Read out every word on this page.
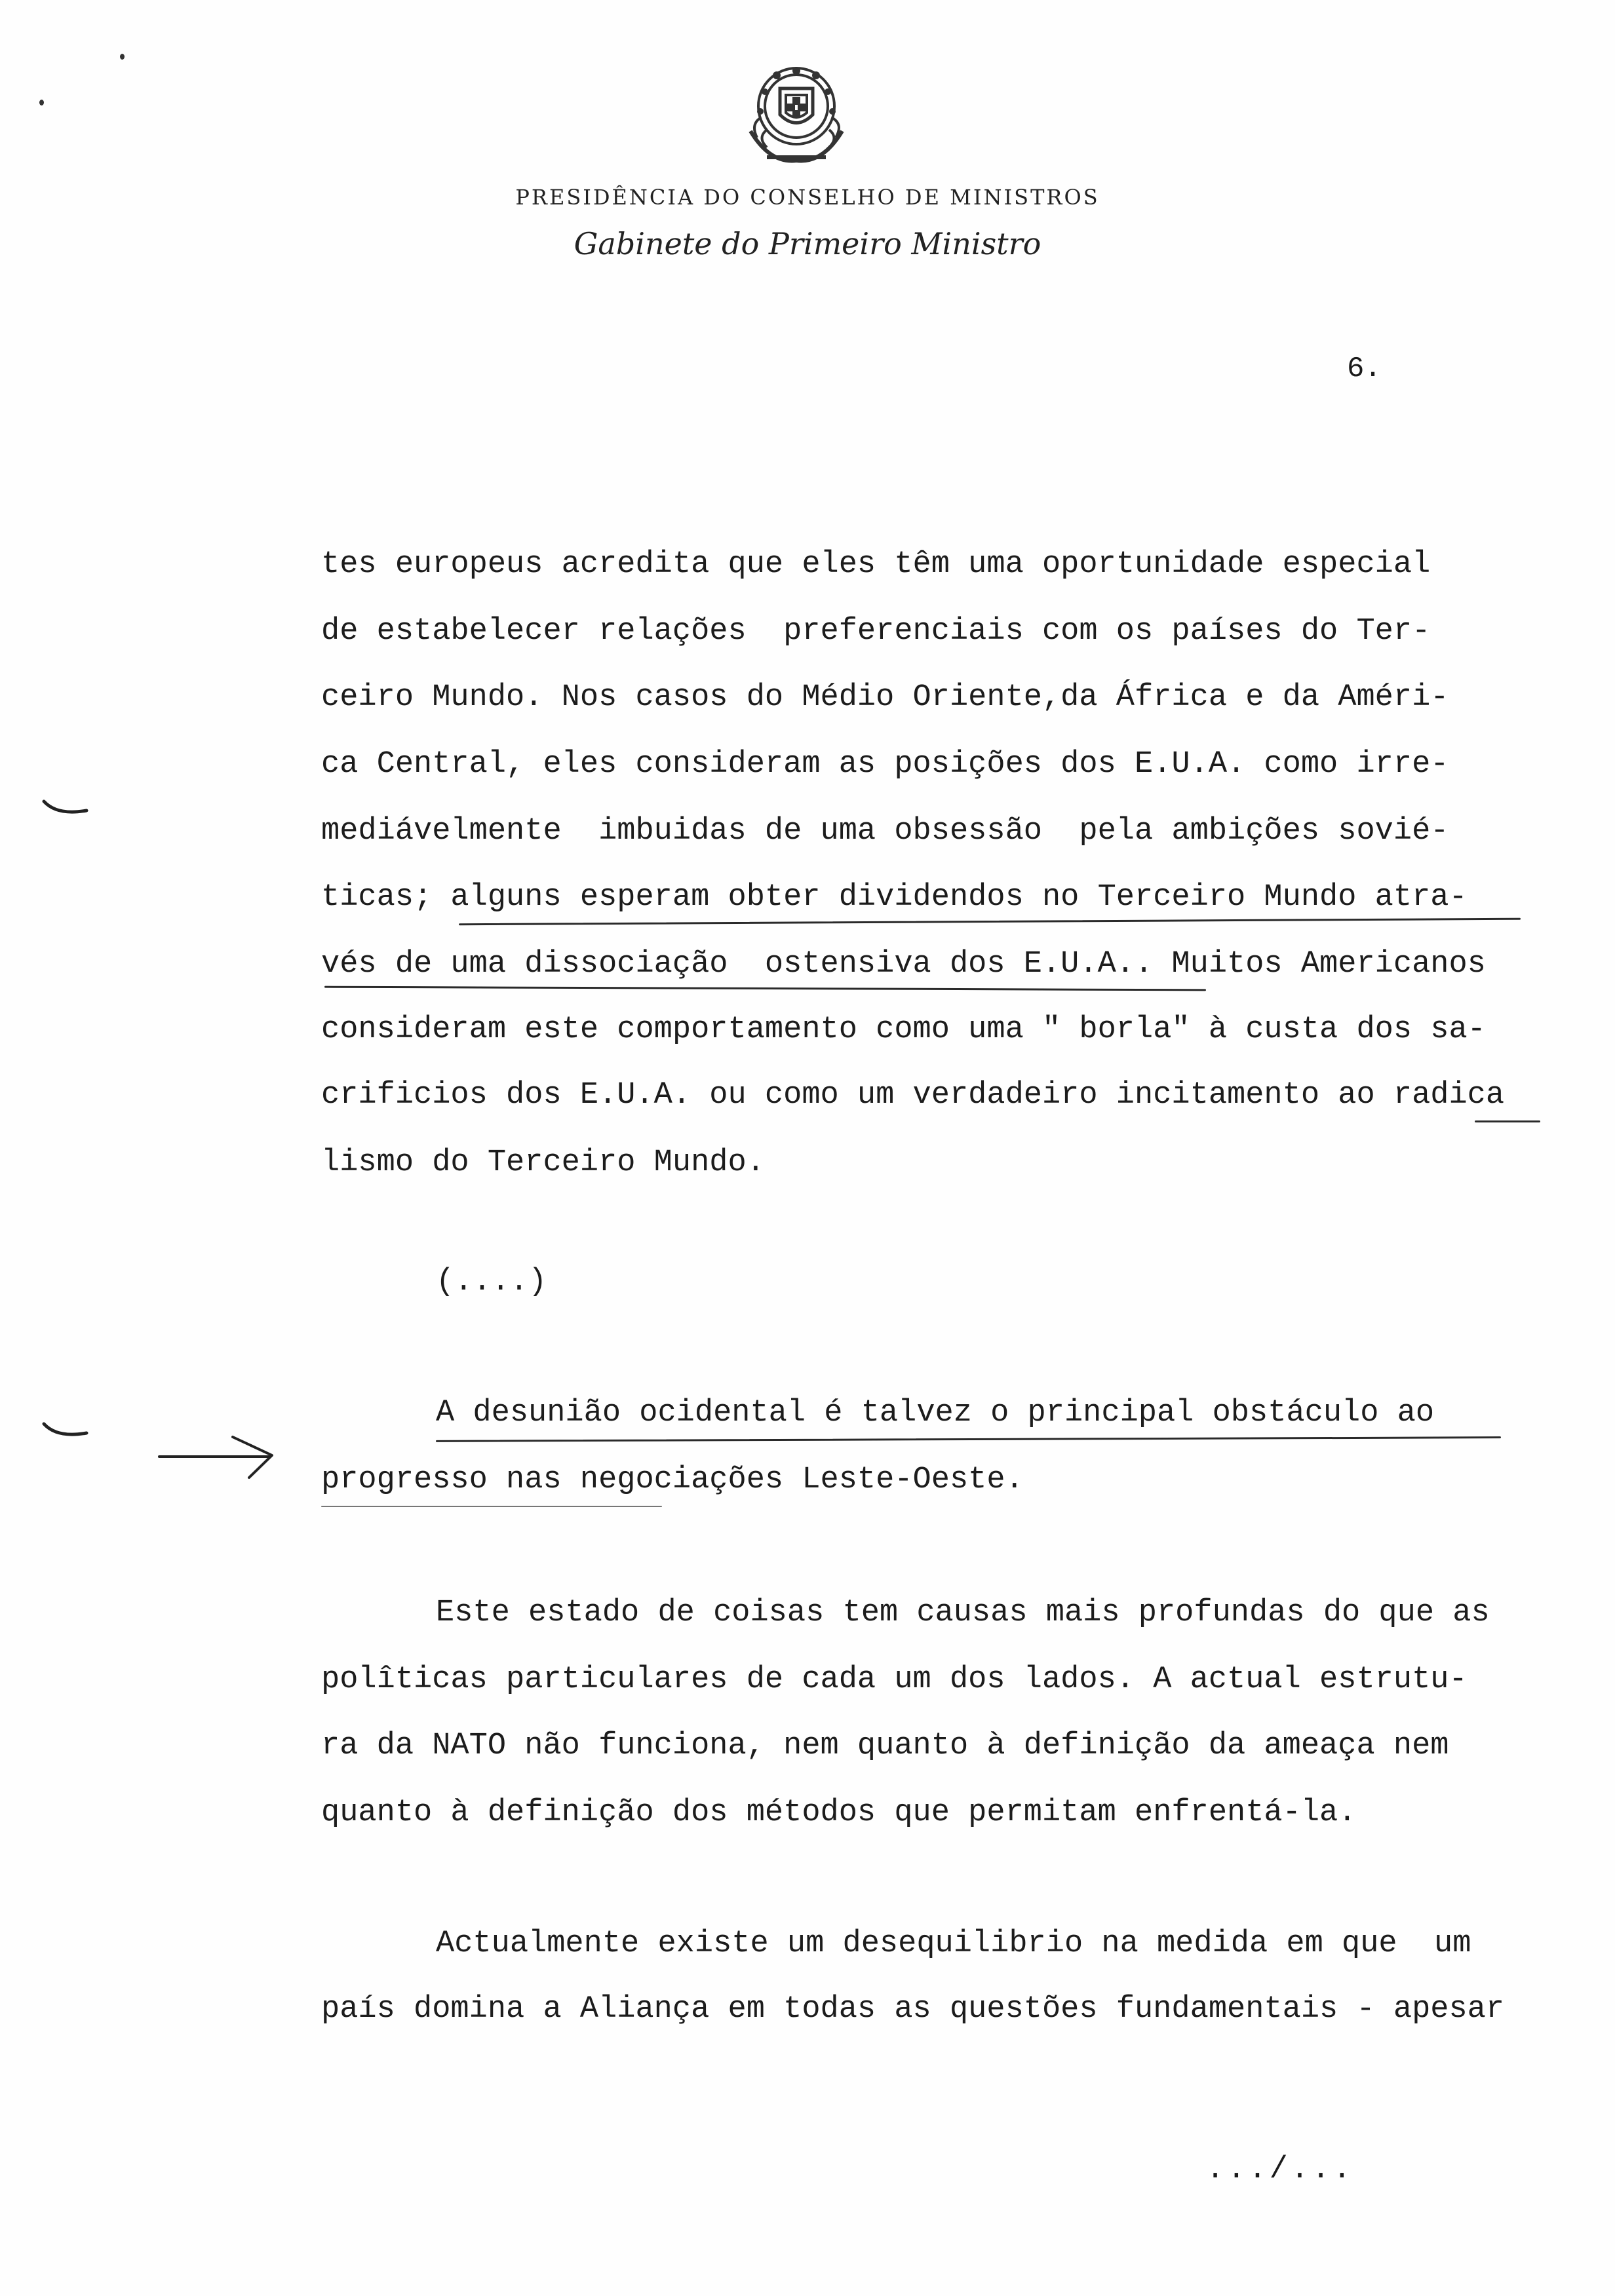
PRESIDÊNCIA DO CONSELHO DE MINISTROS
Gabinete do Primeiro Ministro
6.
tes europeus acredita que eles têm uma oportunidade especial
de estabelecer relações  preferenciais com os países do Ter-
ceiro Mundo. Nos casos do Médio Oriente,da África e da Améri-
ca Central, eles consideram as posições dos E.U.A. como irre-
mediávelmente  imbuidas de uma obsessão  pela ambições sovié-
ticas; alguns esperam obter dividendos no Terceiro Mundo atra-
vés de uma dissociação  ostensiva dos E.U.A.. Muitos Americanos
consideram este comportamento como uma " borla" à custa dos sa-
crificios dos E.U.A. ou como um verdadeiro incitamento ao radica
lismo do Terceiro Mundo.
(....)
A desunião ocidental é talvez o principal obstáculo ao
progresso nas negociações Leste-Oeste.
Este estado de coisas tem causas mais profundas do que as
polîticas particulares de cada um dos lados. A actual estrutu-
ra da NATO não funciona, nem quanto à definição da ameaça nem
quanto à definição dos métodos que permitam enfrentá-la.
Actualmente existe um desequilibrio na medida em que  um
país domina a Aliança em todas as questões fundamentais - apesar
.../...
